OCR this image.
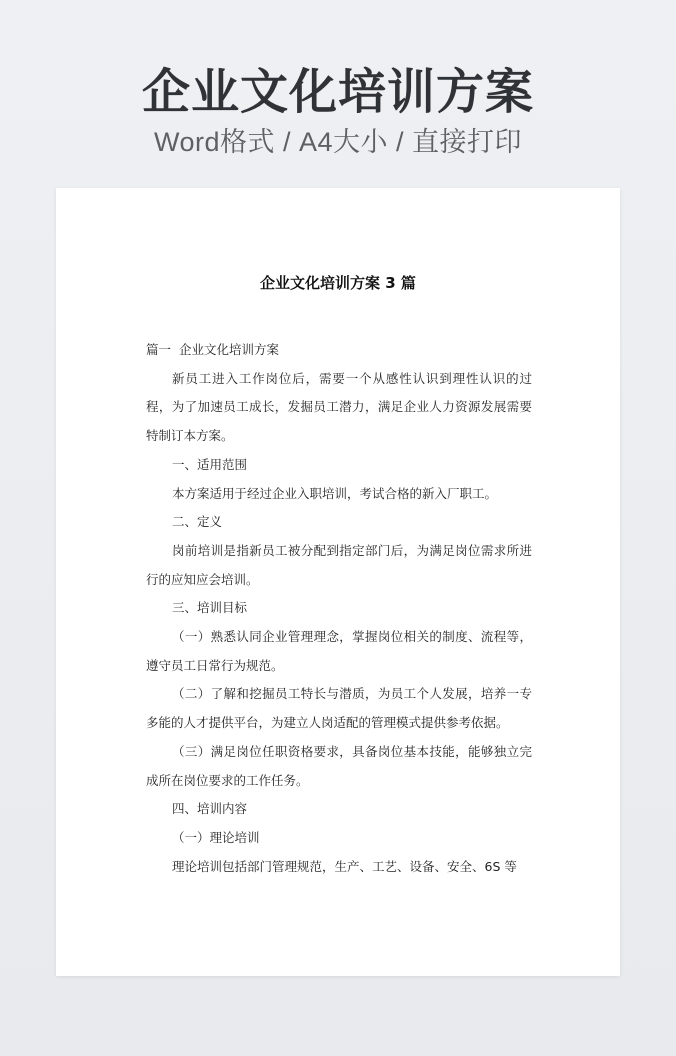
企业文化培训方案
Word格式 / A4大小 / 直接打印
企业文化培训方案 3 篇

篇一 企业文化培训方案

新员工进入工作岗位后，需要一个从感性认识到理性认识的过程，为了加速员工成长，发掘员工潜力，满足企业人力资源发展需要特制订本方案。

一、适用范围

本方案适用于经过企业入职培训，考试合格的新入厂职工。

二、定义

岗前培训是指新员工被分配到指定部门后，为满足岗位需求所进行的应知应会培训。

三、培训目标

（一）熟悉认同企业管理理念，掌握岗位相关的制度、流程等，遵守员工日常行为规范。

（二）了解和挖掘员工特长与潜质，为员工个人发展，培养一专多能的人才提供平台，为建立人岗适配的管理模式提供参考依据。

（三）满足岗位任职资格要求，具备岗位基本技能，能够独立完成所在岗位要求的工作任务。

四、培训内容

（一）理论培训

理论培训包括部门管理规范，生产、工艺、设备、安全、6S 等
